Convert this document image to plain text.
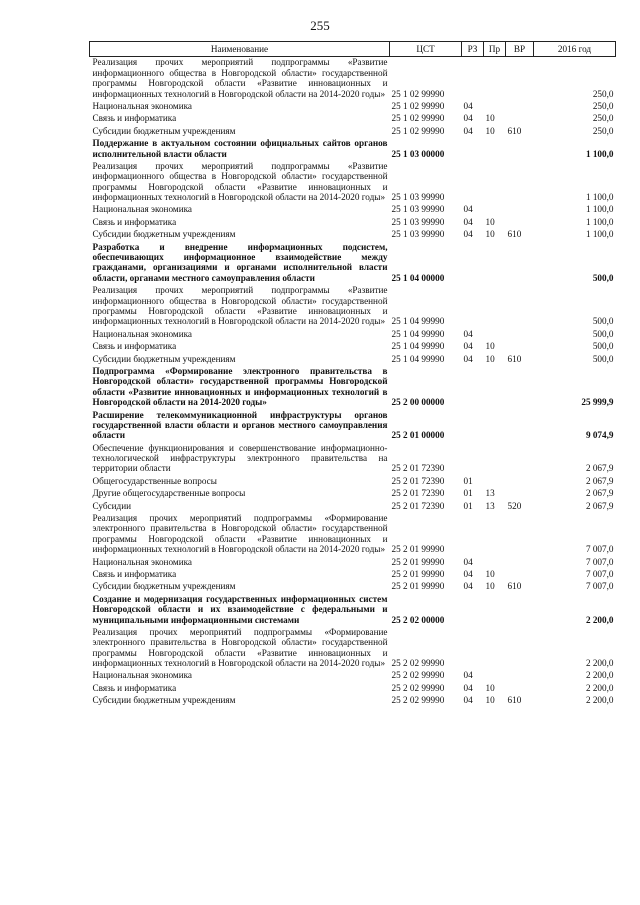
255
Наименование	ЦСТ	РЗ	Пр	ВР	2016 год
Реализация прочих мероприятий подпрограммы «Развитие информационного общества в Новгородской области» государственной программы Новгородской области «Развитие инновационных и информационных технологий в Новгородской области на 2014-2020 годы»	25 1 02 99990				250,0
Национальная экономика	25 1 02 99990	04			250,0
Связь и информатика	25 1 02 99990	04	10		250,0
Субсидии бюджетным учреждениям	25 1 02 99990	04	10	610	250,0
Поддержание в актуальном состоянии официальных сайтов органов исполнительной власти области	25 1 03 00000				1 100,0
Реализация прочих мероприятий подпрограммы «Развитие информационного общества в Новгородской области» государственной программы Новгородской области «Развитие инновационных и информационных технологий в Новгородской области на 2014-2020 годы»	25 1 03 99990				1 100,0
Национальная экономика	25 1 03 99990	04			1 100,0
Связь и информатика	25 1 03 99990	04	10		1 100,0
Субсидии бюджетным учреждениям	25 1 03 99990	04	10	610	1 100,0
Разработка и внедрение информационных подсистем, обеспечивающих информационное взаимодействие между гражданами, организациями и органами исполнительной власти области, органами местного самоуправления области	25 1 04 00000				500,0
Реализация прочих мероприятий подпрограммы «Развитие информационного общества в Новгородской области» государственной программы Новгородской области «Развитие инновационных и информационных технологий в Новгородской области на 2014-2020 годы»	25 1 04 99990				500,0
Национальная экономика	25 1 04 99990	04			500,0
Связь и информатика	25 1 04 99990	04	10		500,0
Субсидии бюджетным учреждениям	25 1 04 99990	04	10	610	500,0
Подпрограмма «Формирование электронного правительства в Новгородской области» государственной программы Новгородской области «Развитие инновационных и информационных технологий в Новгородской области на 2014-2020 годы»	25 2 00 00000				25 999,9
Расширение телекоммуникационной инфраструктуры органов государственной власти области и органов местного самоуправления области	25 2 01 00000				9 074,9
Обеспечение функционирования и совершенствование информационно-технологической инфраструктуры электронного правительства на территории области	25 2 01 72390				2 067,9
Общегосударственные вопросы	25 2 01 72390	01			2 067,9
Другие общегосударственные вопросы	25 2 01 72390	01	13		2 067,9
Субсидии	25 2 01 72390	01	13	520	2 067,9
Реализация прочих мероприятий подпрограммы «Формирование электронного правительства в Новгородской области» государственной программы Новгородской области «Развитие инновационных и информационных технологий в Новгородской области на 2014-2020 годы»	25 2 01 99990				7 007,0
Национальная экономика	25 2 01 99990	04			7 007,0
Связь и информатика	25 2 01 99990	04	10		7 007,0
Субсидии бюджетным учреждениям	25 2 01 99990	04	10	610	7 007,0
Создание и модернизация государственных информационных систем Новгородской области и их взаимодействие с федеральными и муниципальными информационными системами	25 2 02 00000				2 200,0
Реализация прочих мероприятий подпрограммы «Формирование электронного правительства в Новгородской области» государственной программы Новгородской области «Развитие инновационных и информационных технологий в Новгородской области на 2014-2020 годы»	25 2 02 99990				2 200,0
Национальная экономика	25 2 02 99990	04			2 200,0
Связь и информатика	25 2 02 99990	04	10		2 200,0
Субсидии бюджетным учреждениям	25 2 02 99990	04	10	610	2 200,0
